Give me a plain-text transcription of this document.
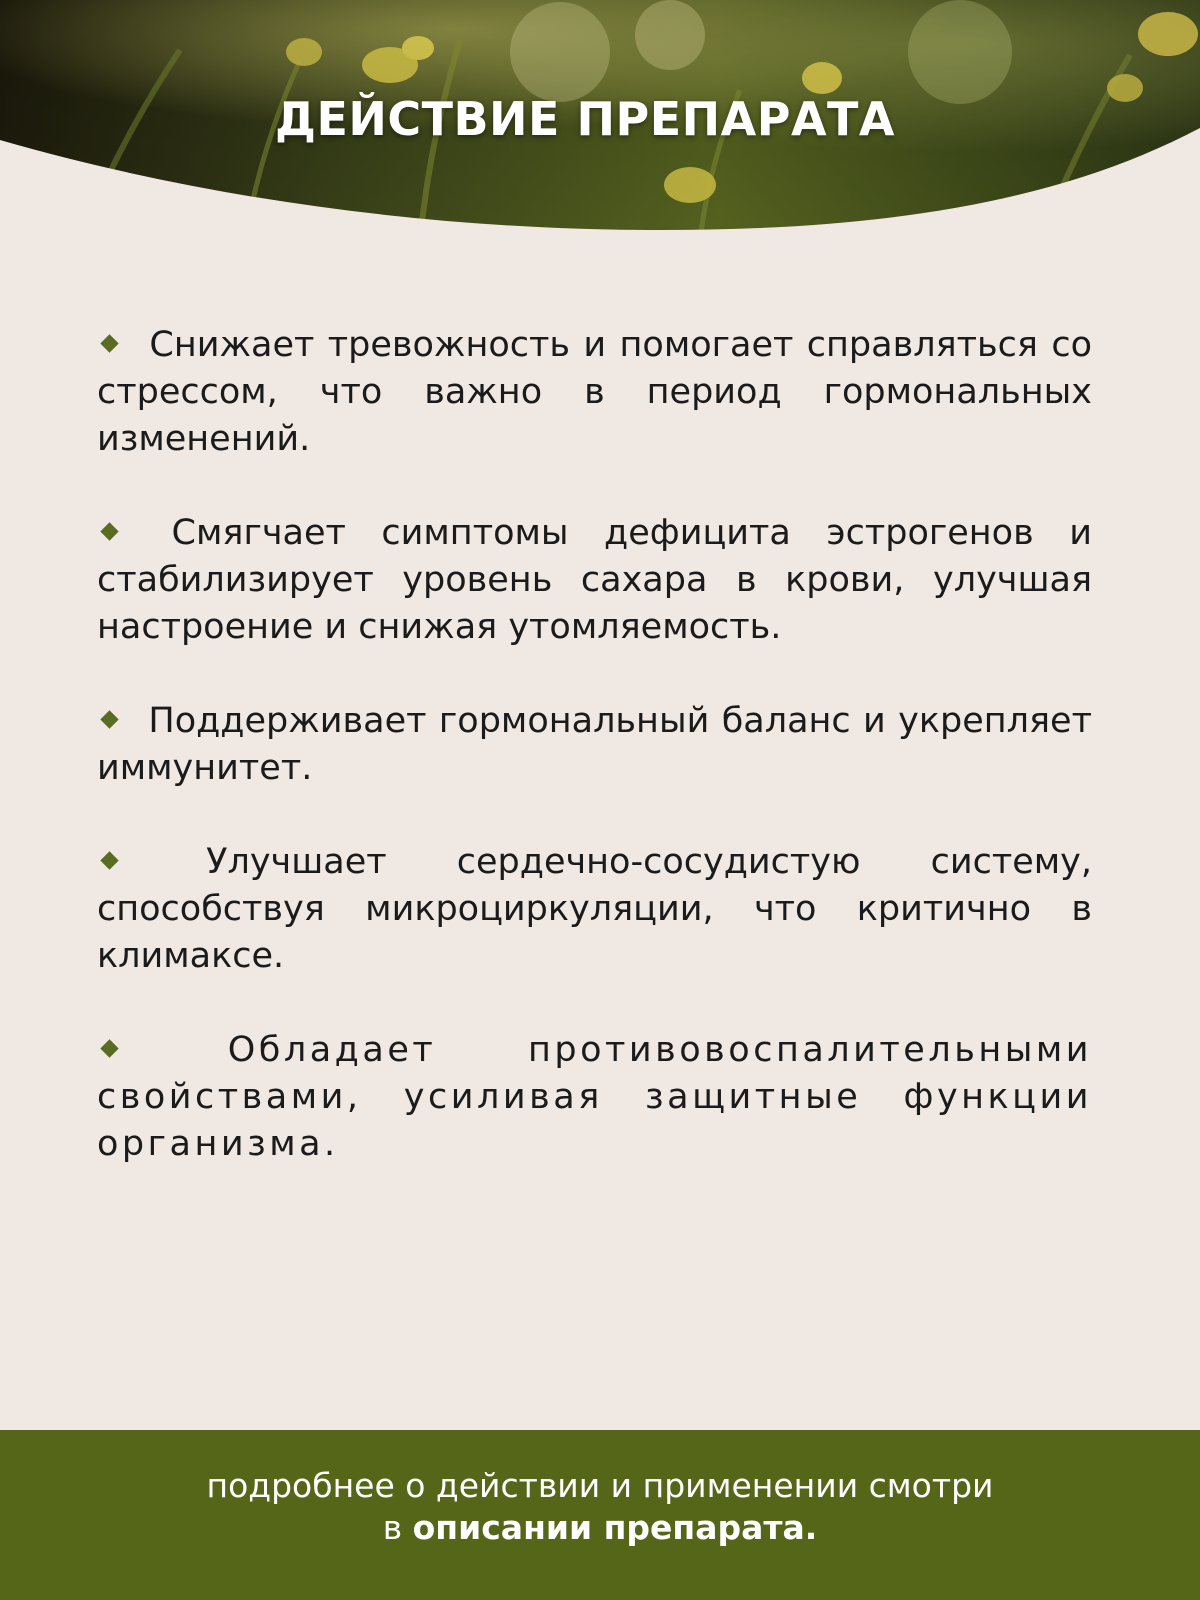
ДЕЙСТВИЕ ПРЕПАРАТА
Снижает тревожность и помогает справляться со стрессом, что важно в период гормональных изменений.
Смягчает симптомы дефицита эстрогенов и стабилизирует уровень сахара в крови, улучшая настроение и снижая утомляемость.
Поддерживает гормональный баланс и укрепляет иммунитет.
Улучшает сердечно-сосудистую систему, способствуя микроциркуляции, что критично в климаксе.
Обладает противовоспалительными свойствами, усиливая защитные функции организма.
подробнее о действии и применении смотри
в описании препарата.
